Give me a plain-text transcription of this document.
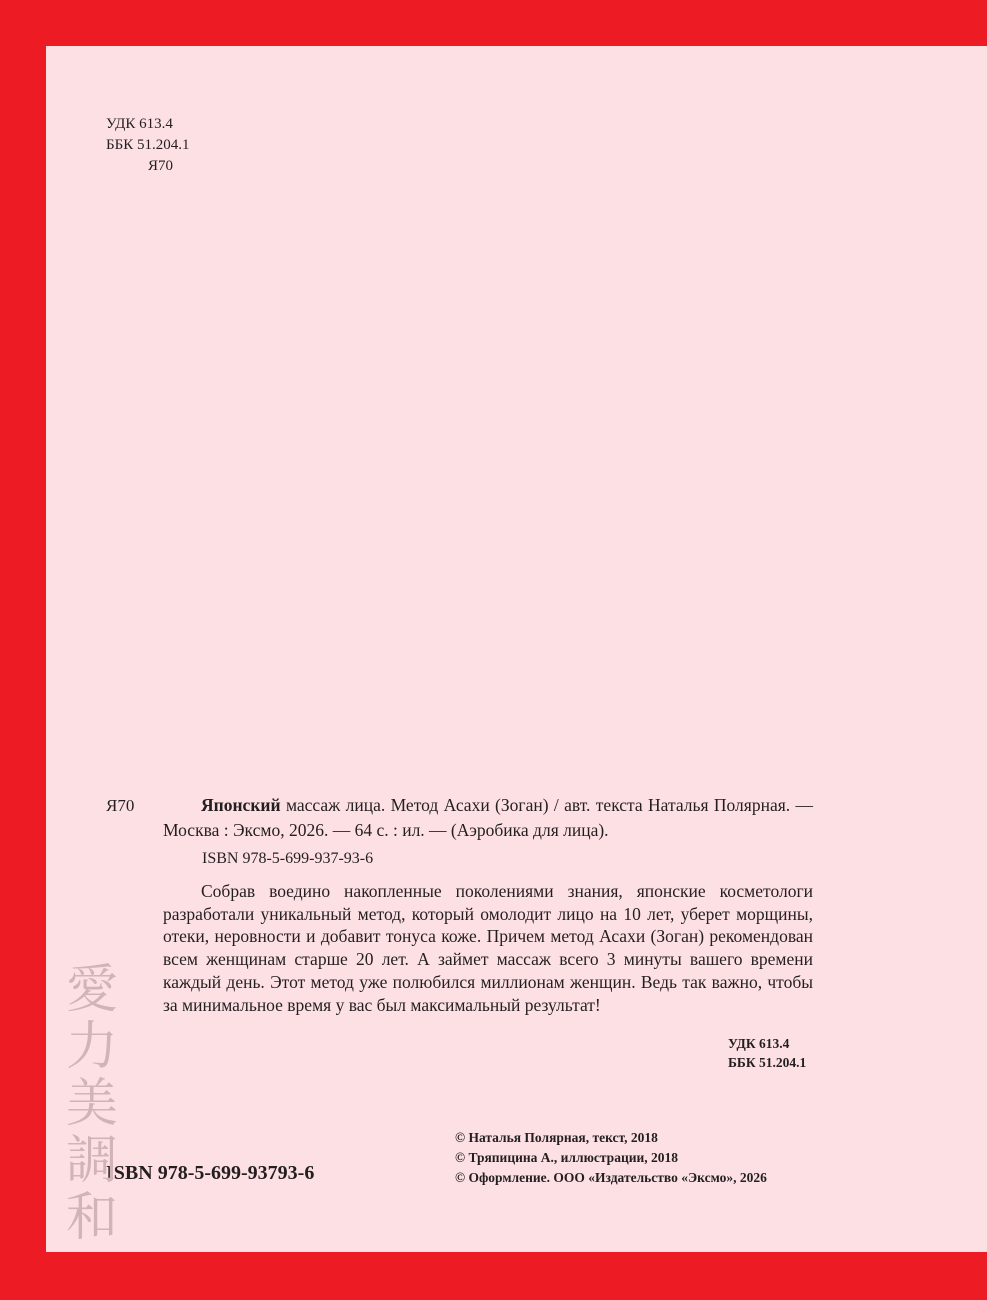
УДК 613.4
ББК 51.204.1
Я70
Я70	Японский массаж лица. Метод Асахи (Зоган) / авт. текста Наталья Полярная. — Москва : Эксмо, 2026. — 64 с. : ил. — (Аэробика для лица).
ISBN 978-5-699-937-93-6
Собрав воедино накопленные поколениями знания, японские косметологи разработали уникальный метод, который омолодит лицо на 10 лет, уберет морщины, отеки, неровности и добавит тонуса коже. Причем метод Асахи (Зоган) рекомендован всем женщинам старше 20 лет. А займет массаж всего 3 минуты вашего времени каждый день. Этот метод уже полюбился миллионам женщин. Ведь так важно, чтобы за минимальное время у вас был максимальный результат!
УДК 613.4
ББК 51.204.1
© Наталья Полярная, текст, 2018
© Тряпицина А., иллюстрации, 2018
© Оформление. ООО «Издательство «Эксмо», 2026
ISBN 978-5-699-93793-6
愛
力
美
調
和
